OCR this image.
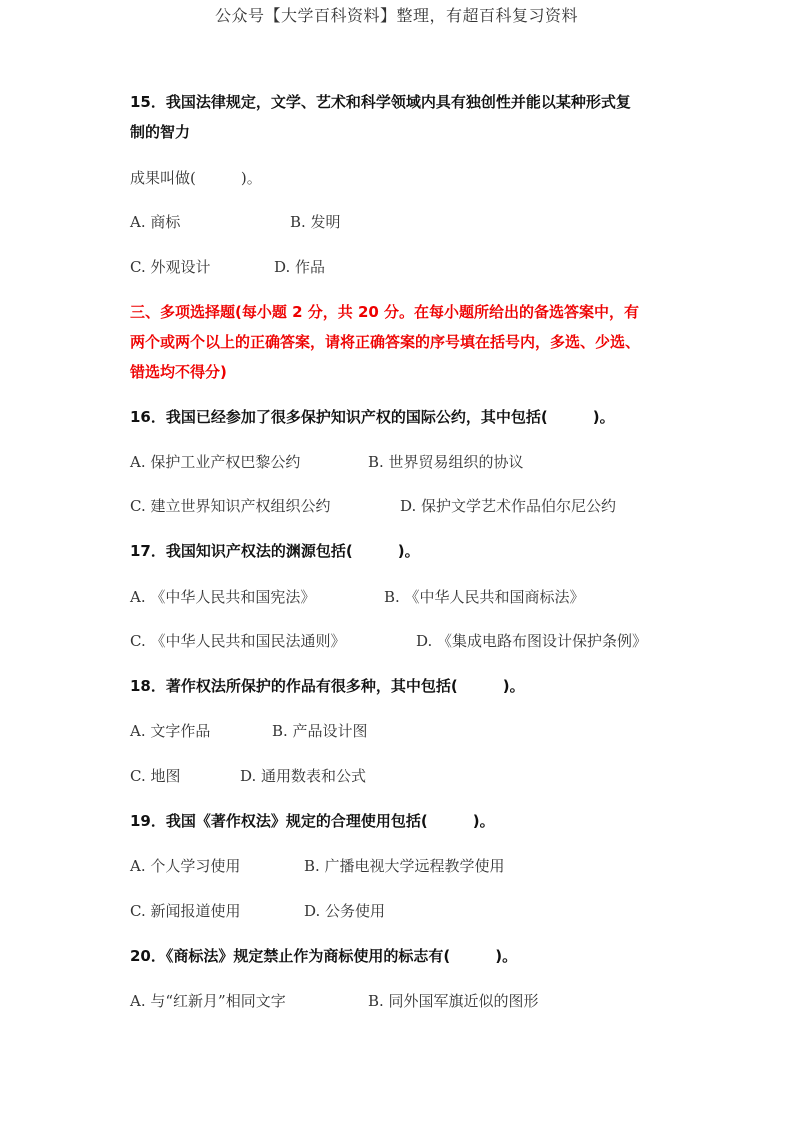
公众号【大学百科资料】整理，有超百科复习资料
15．我国法律规定，文学、艺术和科学领域内具有独创性并能以某种形式复
制的智力
成果叫做(　　　)。
A. 商标	B. 发明
C. 外观设计	D. 作品
三、多项选择题(每小题 2 分，共 20 分。在每小题所给出的备选答案中，有
两个或两个以上的正确答案，请将正确答案的序号填在括号内，多选、少选、
错选均不得分)
16．我国已经参加了很多保护知识产权的国际公约，其中包括(　　　)。
A. 保护工业产权巴黎公约	B. 世界贸易组织的协议
C. 建立世界知识产权组织公约	D. 保护文学艺术作品伯尔尼公约
17．我国知识产权法的渊源包括(　　　)。
A. 《中华人民共和国宪法》	B. 《中华人民共和国商标法》
C. 《中华人民共和国民法通则》	D. 《集成电路布图设计保护条例》
18．著作权法所保护的作品有很多种，其中包括(　　　)。
A. 文字作品	B. 产品设计图
C. 地图	D. 通用数表和公式
19．我国《著作权法》规定的合理使用包括(　　　)。
A. 个人学习使用	B. 广播电视大学远程教学使用
C. 新闻报道使用	D. 公务使用
20．《商标法》规定禁止作为商标使用的标志有(　　　)。
A. 与“红新月”相同文字	B. 同外国军旗近似的图形
